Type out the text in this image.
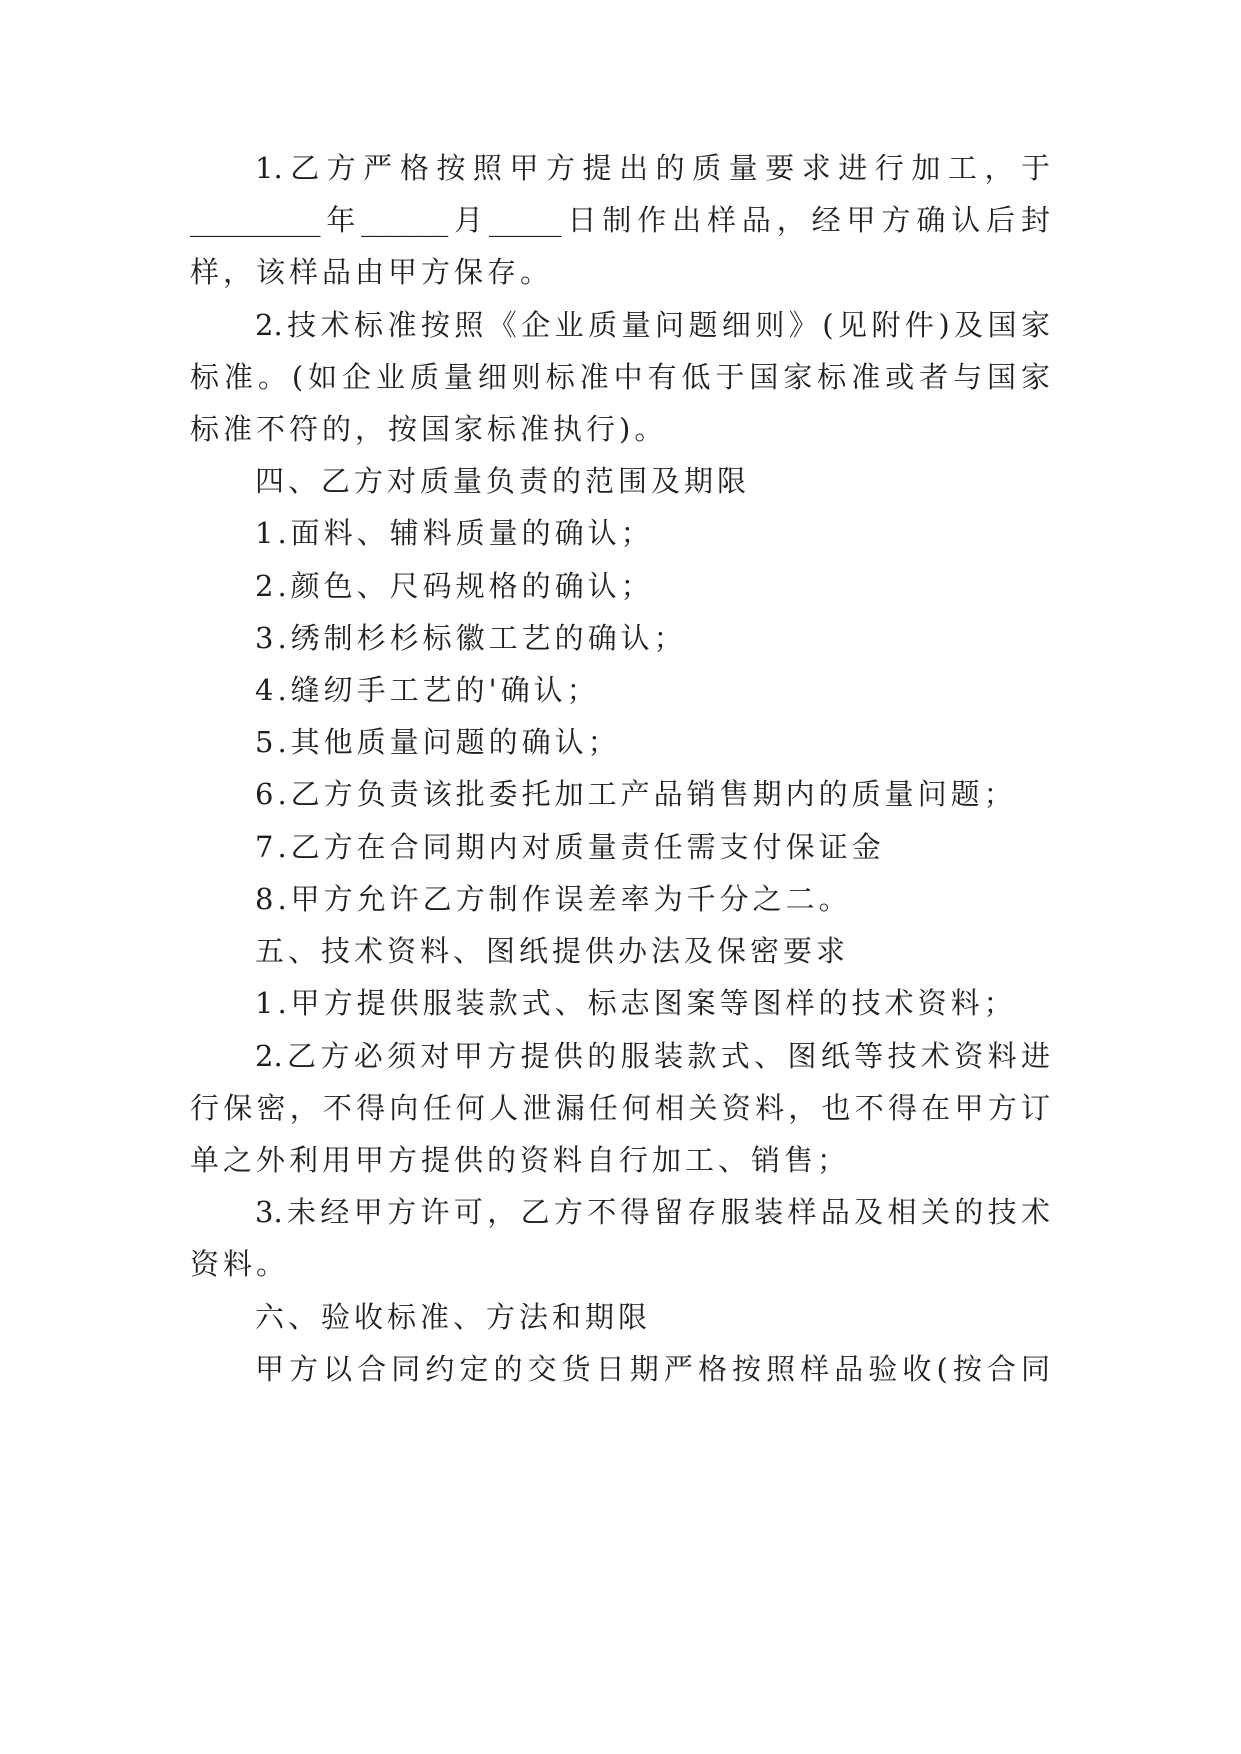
1.乙方严格按照甲方提出的质量要求进行加工，于
_________年______月_____日制作出样品，经甲方确认后封
样，该样品由甲方保存。
2.技术标准按照《企业质量问题细则》(见附件)及国家
标准。(如企业质量细则标准中有低于国家标准或者与国家
标准不符的，按国家标准执行)。
四、乙方对质量负责的范围及期限
1.面料、辅料质量的确认；
2.颜色、尺码规格的确认；
3.绣制杉杉标徽工艺的确认；
4.缝纫手工艺的'确认；
5.其他质量问题的确认；
6.乙方负责该批委托加工产品销售期内的质量问题；
7.乙方在合同期内对质量责任需支付保证金
8.甲方允许乙方制作误差率为千分之二。
五、技术资料、图纸提供办法及保密要求
1.甲方提供服装款式、标志图案等图样的技术资料；
2.乙方必须对甲方提供的服装款式、图纸等技术资料进
行保密，不得向任何人泄漏任何相关资料，也不得在甲方订
单之外利用甲方提供的资料自行加工、销售；
3.未经甲方许可，乙方不得留存服装样品及相关的技术
资料。
六、验收标准、方法和期限
甲方以合同约定的交货日期严格按照样品验收(按合同
